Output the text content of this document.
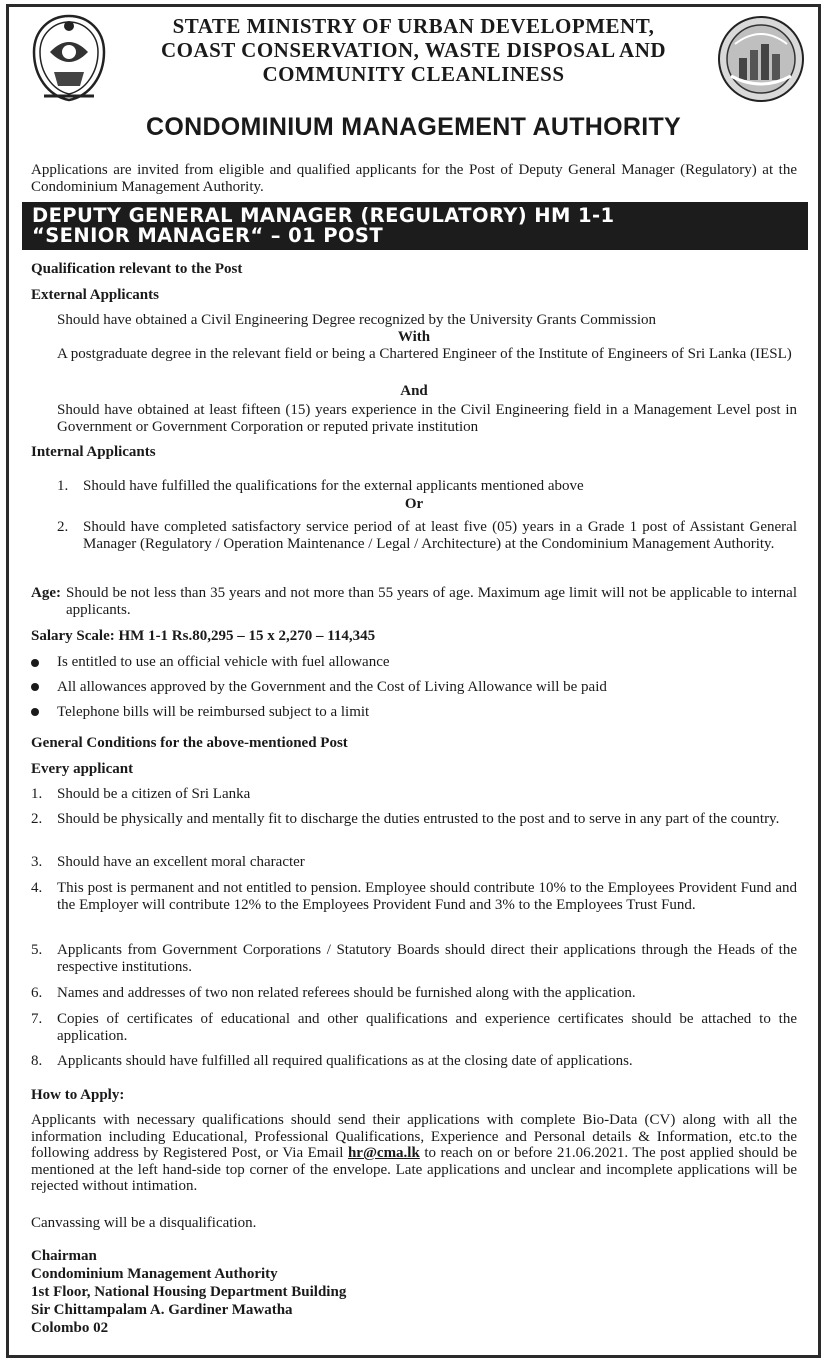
STATE MINISTRY OF URBAN DEVELOPMENT,
COAST CONSERVATION, WASTE DISPOSAL AND
COMMUNITY CLEANLINESS
CONDOMINIUM MANAGEMENT AUTHORITY
Applications are invited from eligible and qualified applicants for the Post of Deputy General Manager (Regulatory) at the Condominium Management Authority.
DEPUTY GENERAL MANAGER (REGULATORY) HM 1-1
“SENIOR MANAGER“ – 01 POST
Qualification relevant to the Post
External Applicants
Should have obtained a Civil Engineering Degree recognized by the University Grants Commission
With
A postgraduate degree in the relevant field or being a Chartered Engineer of the Institute of Engineers of Sri Lanka (IESL)
And
Should have obtained at least fifteen (15) years experience in the Civil Engineering field in a Management Level post in Government or Government Corporation or reputed private institution
Internal Applicants
1. Should have fulfilled the qualifications for the external applicants mentioned above
Or
2. Should have completed satisfactory service period of at least five (05) years in a Grade 1 post of Assistant General Manager (Regulatory / Operation Maintenance / Legal / Architecture) at the Condominium Management Authority.
Age: Should be not less than 35 years and not more than 55 years of age. Maximum age limit will not be applicable to internal applicants.
Salary Scale: HM 1-1 Rs.80,295 – 15 x 2,270 – 114,345
Is entitled to use an official vehicle with fuel allowance
All allowances approved by the Government and the Cost of Living Allowance will be paid
Telephone bills will be reimbursed subject to a limit
General Conditions for the above-mentioned Post
Every applicant
1. Should be a citizen of Sri Lanka
2. Should be physically and mentally fit to discharge the duties entrusted to the post and to serve in any part of the country.
3. Should have an excellent moral character
4. This post is permanent and not entitled to pension. Employee should contribute 10% to the Employees Provident Fund and the Employer will contribute 12% to the Employees Provident Fund and 3% to the Employees Trust Fund.
5. Applicants from Government Corporations / Statutory Boards should direct their applications through the Heads of the respective institutions.
6. Names and addresses of two non related referees should be furnished along with the application.
7. Copies of certificates of educational and other qualifications and experience certificates should be attached to the application.
8. Applicants should have fulfilled all required qualifications as at the closing date of applications.
How to Apply:
Applicants with necessary qualifications should send their applications with complete Bio-Data (CV) along with all the information including Educational, Professional Qualifications, Experience and Personal details & Information, etc.to the following address by Registered Post, or Via Email hr@cma.lk to reach on or before 21.06.2021. The post applied should be mentioned at the left hand-side top corner of the envelope. Late applications and unclear and incomplete applications will be rejected without intimation.
Canvassing will be a disqualification.
Chairman
Condominium Management Authority
1st Floor, National Housing Department Building
Sir Chittampalam A. Gardiner Mawatha
Colombo 02
